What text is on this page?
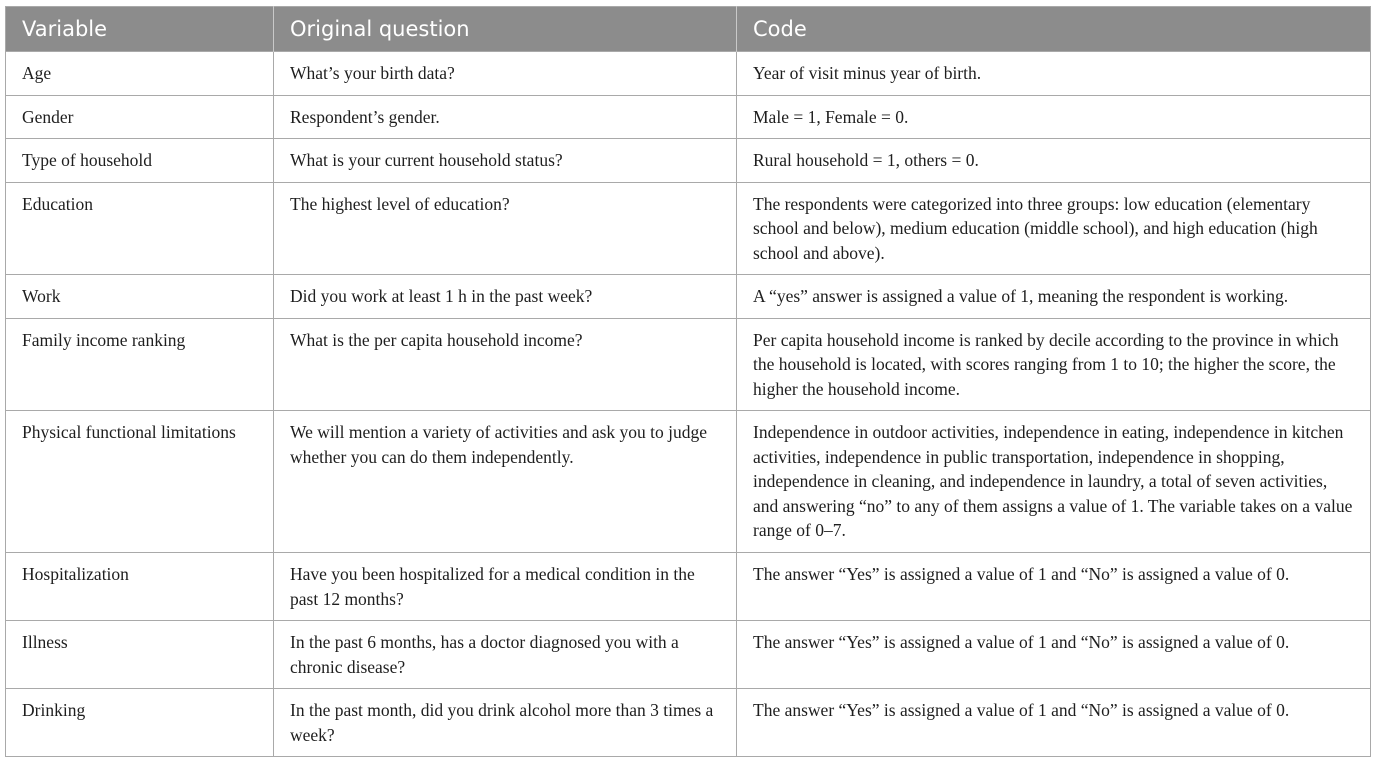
Variable	Original question	Code
Age	What’s your birth data?	Year of visit minus year of birth.
Gender	Respondent’s gender.	Male = 1, Female = 0.
Type of household	What is your current household status?	Rural household = 1, others = 0.
Education	The highest level of education?	The respondents were categorized into three groups: low education (elementary school and below), medium education (middle school), and high education (high school and above).
Work	Did you work at least 1 h in the past week?	A “yes” answer is assigned a value of 1, meaning the respondent is working.
Family income ranking	What is the per capita household income?	Per capita household income is ranked by decile according to the province in which the household is located, with scores ranging from 1 to 10; the higher the score, the higher the household income.
Physical functional limitations	We will mention a variety of activities and ask you to judge whether you can do them independently.	Independence in outdoor activities, independence in eating, independence in kitchen activities, independence in public transportation, independence in shopping, independence in cleaning, and independence in laundry, a total of seven activities, and answering “no” to any of them assigns a value of 1. The variable takes on a value range of 0–7.
Hospitalization	Have you been hospitalized for a medical condition in the past 12 months?	The answer “Yes” is assigned a value of 1 and “No” is assigned a value of 0.
Illness	In the past 6 months, has a doctor diagnosed you with a chronic disease?	The answer “Yes” is assigned a value of 1 and “No” is assigned a value of 0.
Drinking	In the past month, did you drink alcohol more than 3 times a week?	The answer “Yes” is assigned a value of 1 and “No” is assigned a value of 0.
